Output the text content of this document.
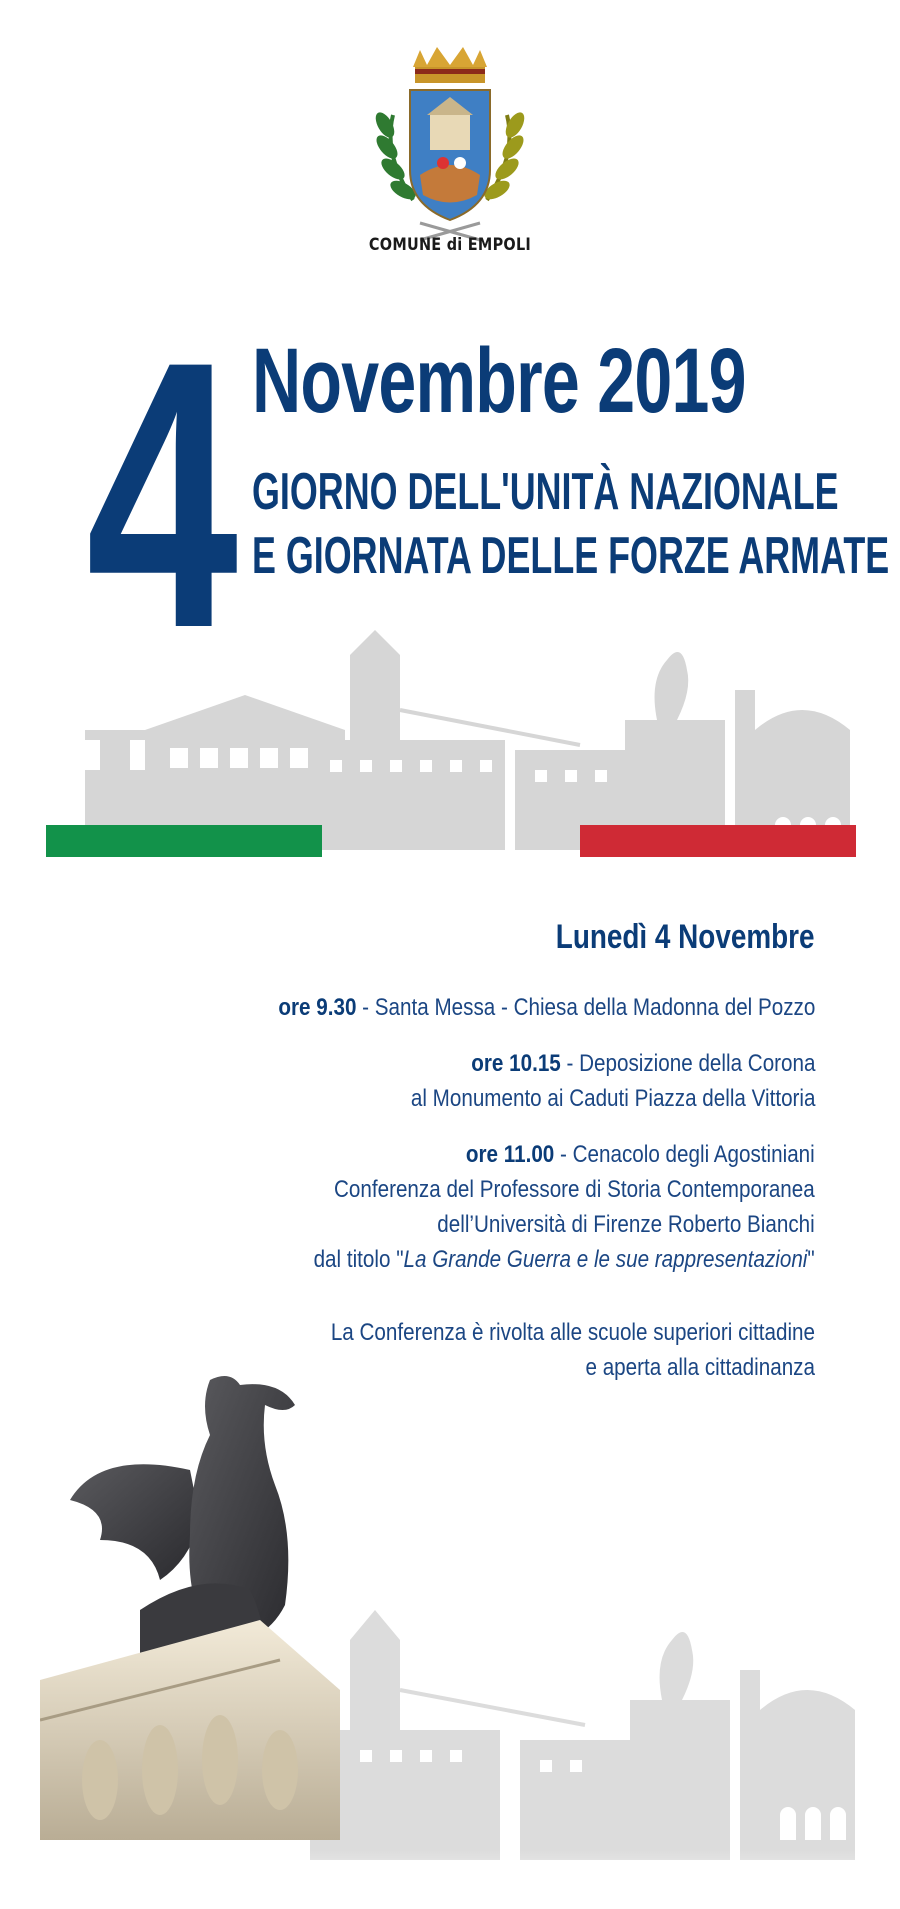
COMUNE di EMPOLI
4 Novembre 2019
GIORNO DELL'UNITÀ NAZIONALE
E GIORNATA DELLE FORZE ARMATE
Lunedì 4 Novembre
ore 9.30 - Santa Messa - Chiesa della Madonna del Pozzo
ore 10.15 - Deposizione della Corona
al Monumento ai Caduti Piazza della Vittoria
ore 11.00 - Cenacolo degli Agostiniani
Conferenza del Professore di Storia Contemporanea
dell’Università di Firenze Roberto Bianchi
dal titolo "La Grande Guerra e le sue rappresentazioni"
La Conferenza è rivolta alle scuole superiori cittadine
e aperta alla cittadinanza
